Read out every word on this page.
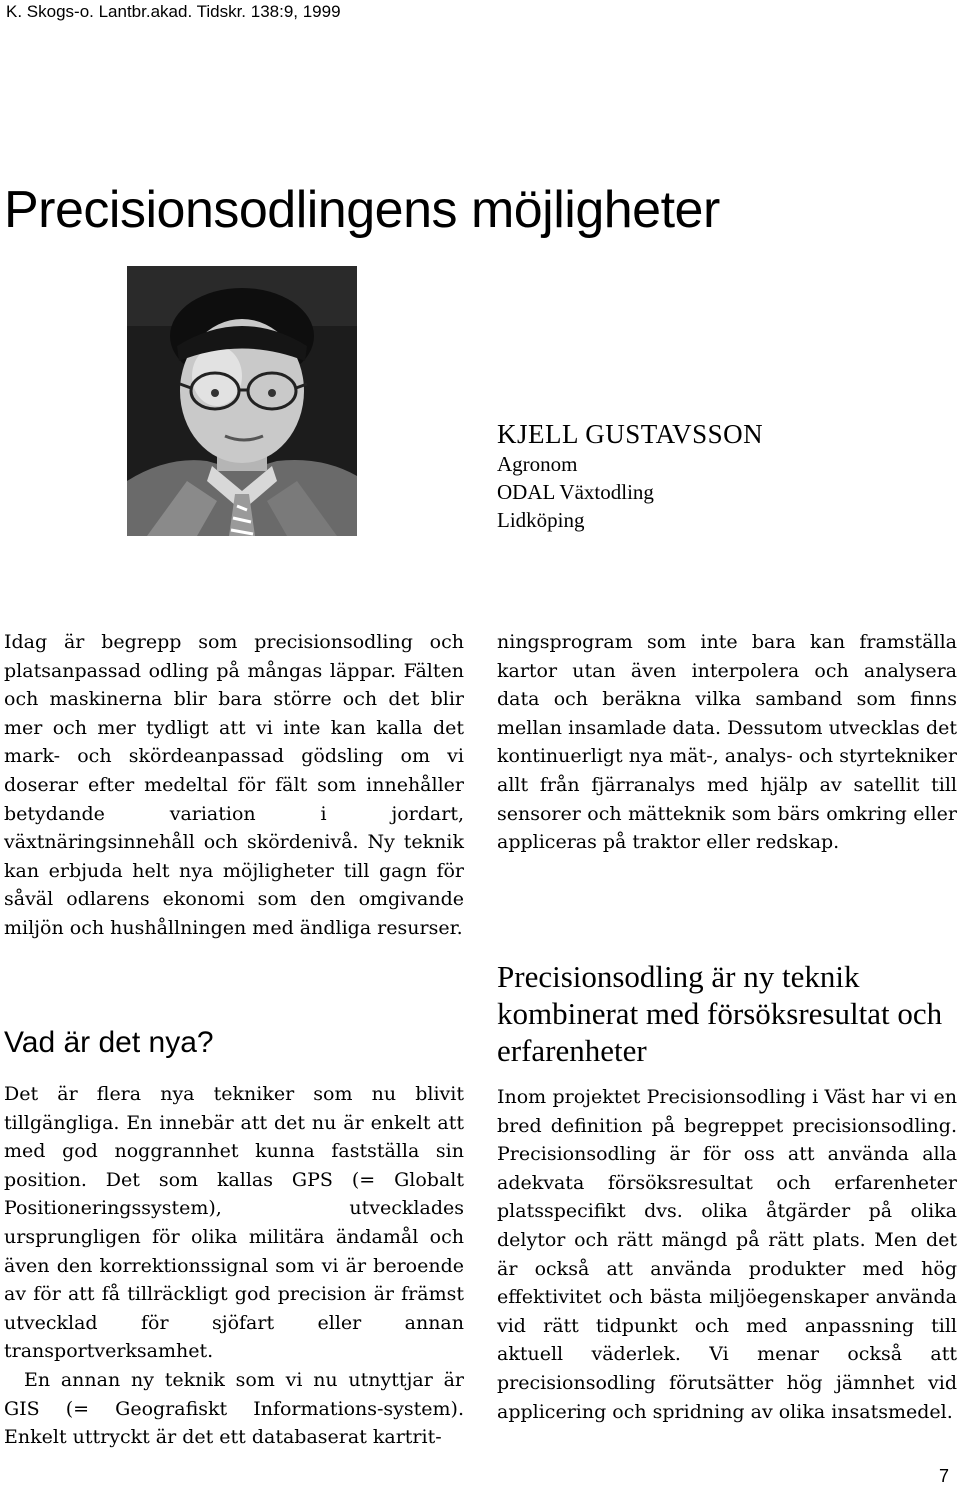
K. Skogs-o. Lantbr.akad. Tidskr. 138:9, 1999
Precisionsodlingens möjligheter
KJELL GUSTAVSSON
Agronom
ODAL Växtodling
Lidköping

Idag är begrepp som precisionsodling och platsanpassad odling på mångas läppar. Fälten och maskinerna blir bara större och det blir mer och mer tydligt att vi inte kan kalla det mark- och skördeanpassad gödsling om vi doserar efter medeltal för fält som innehåller betydande variation i jordart, växtnäringsinnehåll och skördenivå. Ny teknik kan erbjuda helt nya möjligheter till gagn för såväl odlarens ekonomi som den omgivande miljön och hushållningen med ändliga resurser.

Vad är det nya?

Det är flera nya tekniker som nu blivit tillgängliga. En innebär att det nu är enkelt att med god noggrannhet kunna fastställa sin position. Det som kallas GPS (= Globalt Positioneringssystem), utvecklades ursprungligen för olika militära ändamål och även den korrektionssignal som vi är beroende av för att få tillräckligt god precision är främst utvecklad för sjöfart eller annan transportverksamhet.

En annan ny teknik som vi nu utnyttjar är GIS (= Geografiskt Informations-system). Enkelt uttryckt är det ett databaserat kartrit-

ningsprogram som inte bara kan framställa kartor utan även interpolera och analysera data och beräkna vilka samband som finns mellan insamlade data. Dessutom utvecklas det kontinuerligt nya mät-, analys- och styrtekniker allt från fjärranalys med hjälp av satellit till sensorer och mätteknik som bärs omkring eller appliceras på traktor eller redskap.

Precisionsodling är ny teknik kombinerat med försöksresultat och erfarenheter

Inom projektet Precisionsodling i Väst har vi en bred definition på begreppet precisionsodling. Precisionsodling är för oss att använda alla adekvata försöksresultat och erfarenheter platsspecifikt dvs. olika åtgärder på olika delytor och rätt mängd på rätt plats. Men det är också att använda produkter med hög effektivitet och bästa miljöegenskaper använda vid rätt tidpunkt och med anpassning till aktuell väderlek. Vi menar också att precisionsodling förutsätter hög jämnhet vid applicering och spridning av olika insatsmedel.

7
